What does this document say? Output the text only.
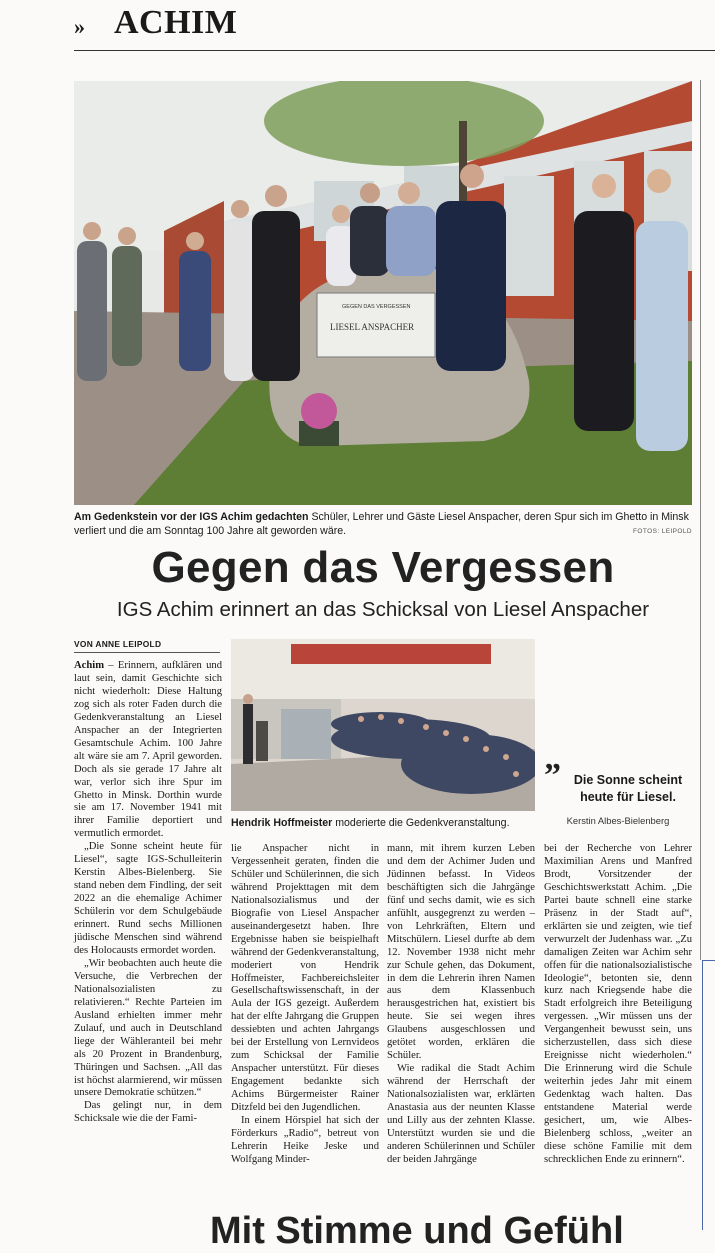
» ACHIM
GEGEN DAS VERGESSEN
LIESEL ANSPACHER
Am Gedenkstein vor der IGS Achim gedachten Schüler, Lehrer und Gäste Liesel Anspacher, deren Spur sich im Ghetto in Minsk verliert und die am Sonntag 100 Jahre alt geworden wäre.	FOTOS: LEIPOLD
Gegen das Vergessen
IGS Achim erinnert an das Schicksal von Liesel Anspacher
VON ANNE LEIPOLD

Achim – Erinnern, aufklären und laut sein, damit Geschichte sich nicht wiederholt: Diese Haltung zog sich als roter Faden durch die Gedenkveranstaltung an Liesel Anspacher an der Integrierten Gesamtschule Achim. 100 Jahre alt wäre sie am 7. April geworden. Doch als sie gerade 17 Jahre alt war, verlor sich ihre Spur im Ghetto in Minsk. Dorthin wurde sie am 17. November 1941 mit ihrer Familie deportiert und vermutlich ermordet.

„Die Sonne scheint heute für Liesel“, sagte IGS-Schulleiterin Kerstin Albes-Bielenberg. Sie stand neben dem Findling, der seit 2022 an die ehemalige Achimer Schülerin vor dem Schulgebäude erinnert. Rund sechs Millionen jüdische Menschen sind während des Holocausts ermordet worden.

„Wir beobachten auch heute die Versuche, die Verbrechen der Nationalsozialisten zu relativieren.“ Rechte Parteien im Ausland erhielten immer mehr Zulauf, und auch in Deutschland liege der Wähleranteil bei mehr als 20 Prozent in Brandenburg, Thüringen und Sachsen. „All das ist höchst alarmierend, wir müssen unsere Demokratie schützen.“

Das gelingt nur, in dem Schicksale wie die der Fami-

Hendrik Hoffmeister moderierte die Gedenkveranstaltung.
”	Die Sonne scheint heute für Liesel.
Kerstin Albes-Bielenberg

lie Anspacher nicht in Vergessenheit geraten, finden die Schüler und Schülerinnen, die sich während Projekttagen mit dem Nationalsozialismus und der Biografie von Liesel Anspacher auseinandergesetzt haben. Ihre Ergebnisse haben sie beispielhaft während der Gedenkveranstaltung, moderiert von Hendrik Hoffmeister, Fachbereichsleiter Gesellschaftswissenschaft, in der Aula der IGS gezeigt. Außerdem hat der elfte Jahrgang die Gruppen dessiebten und achten Jahrgangs bei der Erstellung von Lernvideos zum Schicksal der Familie Anspacher unterstützt. Für dieses Engagement bedankte sich Achims Bürgermeister Rainer Ditzfeld bei den Jugendlichen.

In einem Hörspiel hat sich der Förderkurs „Radio“, betreut von Lehrerin Heike Jeske und Wolfgang Minder-

mann, mit ihrem kurzen Leben und dem der Achimer Juden und Jüdinnen befasst. In Videos beschäftigten sich die Jahrgänge fünf und sechs damit, wie es sich anfühlt, ausgegrenzt zu werden – von Lehrkräften, Eltern und Mitschülern. Liesel durfte ab dem 12. November 1938 nicht mehr zur Schule gehen, das Dokument, in dem die Lehrerin ihren Namen aus dem Klassenbuch herausgestrichen hat, existiert bis heute. Sie sei wegen ihres Glaubens ausgeschlossen und getötet worden, erklären die Schüler.

Wie radikal die Stadt Achim während der Herrschaft der Nationalsozialisten war, erklärten Anastasia aus der neunten Klasse und Lilly aus der zehnten Klasse. Unterstützt wurden sie und die anderen Schülerinnen und Schüler der beiden Jahrgänge

bei der Recherche von Lehrer Maximilian Arens und Manfred Brodt, Vorsitzender der Geschichtswerkstatt Achim. „Die Partei baute schnell eine starke Präsenz in der Stadt auf“, erklärten sie und zeigten, wie tief verwurzelt der Judenhass war. „Zu damaligen Zeiten war Achim sehr offen für die nationalsozialistische Ideologie“, betonten sie, denn kurz nach Kriegsende habe die Stadt erfolgreich ihre Beteiligung vergessen. „Wir müssen uns der Vergangenheit bewusst sein, uns sicherzustellen, dass sich diese Ereignisse nicht wiederholen.“ Die Erinnerung wird die Schule weiterhin jedes Jahr mit einem Gedenktag wach halten. Das entstandene Material werde gesichert, um, wie Albes-Bielenberg schloss, „weiter an diese schöne Familie mit dem schrecklichen Ende zu erinnern“.

Mit Stimme und Gefühl
